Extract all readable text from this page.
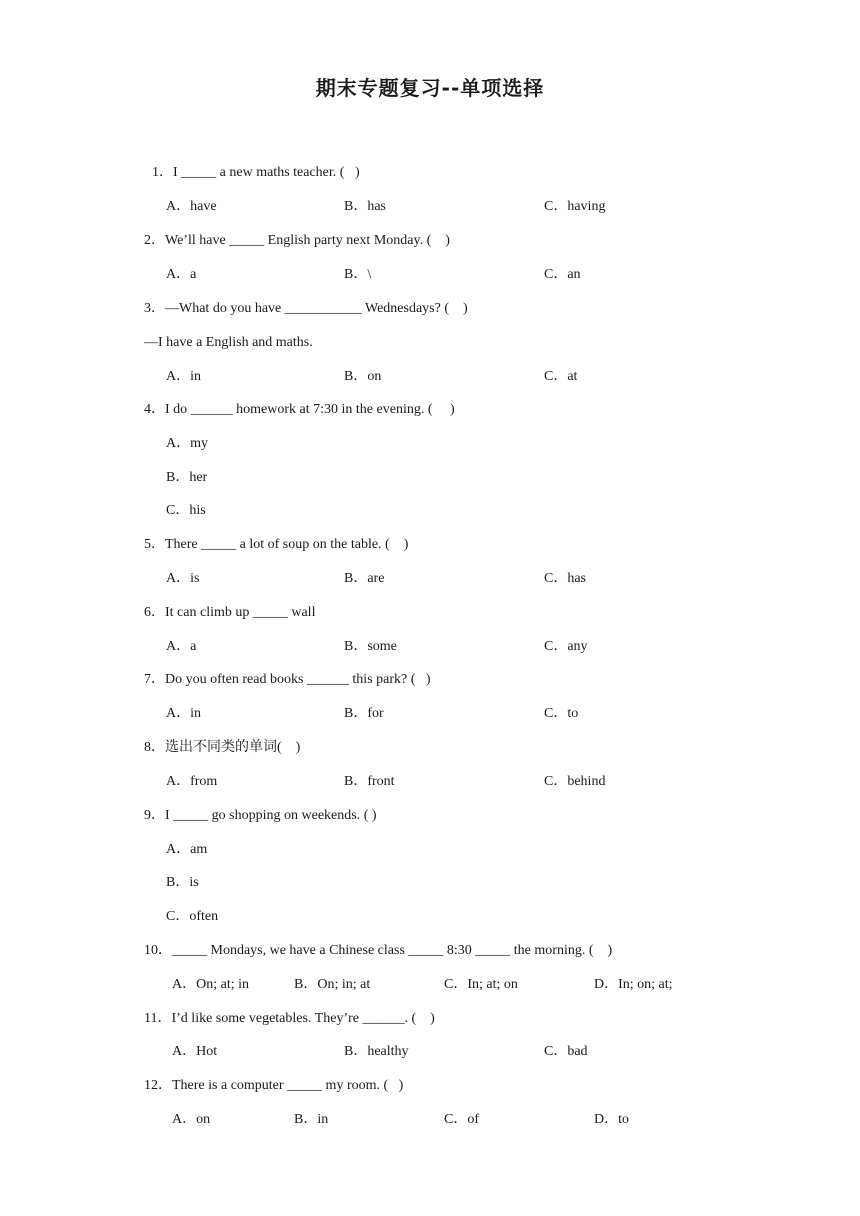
期末专题复习--单项选择
1．I _____ a new maths teacher. (   )
A．have	B．has	C．having
2．We’ll have _____ English party next Monday. (    )
A．a	B．\	C．an
3．—What do you have ___________ Wednesdays? (    )
—I have a English and maths.
A．in	B．on	C．at
4．I do ______ homework at 7:30 in the evening. (     )
A．my
B．her
C．his
5．There _____ a lot of soup on the table. (    )
A．is	B．are	C．has
6．It can climb up _____ wall
A．a	B．some	C．any
7．Do you often read books ______ this park? (   )
A．in	B．for	C．to
8．选出不同类的单词(    )
A．from	B．front	C．behind
9．I _____ go shopping on weekends. ( )
A．am
B．is
C．often
10．_____ Mondays, we have a Chinese class _____ 8:30 _____ the morning. (    )
A．On; at; in	B．On; in; at	C．In; at; on	D．In; on; at;
11．I’d like some vegetables. They’re ______. (    )
A．Hot	B．healthy	C．bad
12．There is a computer _____ my room. (   )
A．on	B．in	C．of	D．to
